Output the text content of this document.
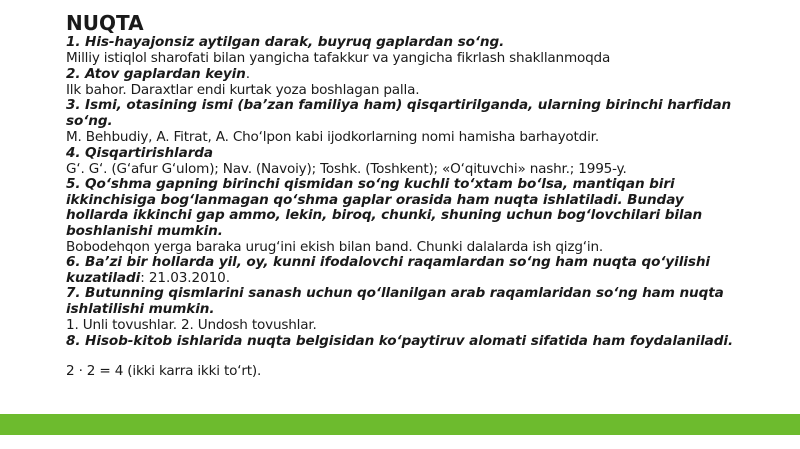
NUQTA

1. His-hayajonsiz aytilgan darak, buyruq gaplardan so‘ng.

Milliy istiqlol sharofati bilan yangicha tafakkur va yangicha fikrlash shakllanmoqda

2. Atov gaplardan keyin.

Ilk bahor. Daraxtlar endi kurtak yoza boshlagan palla.

3. Ismi, otasining ismi (ba’zan familiya ham) qisqartirilganda, ularning birinchi harfidan

so‘ng.

M. Behbudiy, A. Fitrat, A. Cho‘lpon kabi ijodkorlarning nomi hamisha barhayotdir.

4. Qisqartirishlarda

G‘. G‘. (G‘afur G‘ulom); Nav. (Navoiy); Toshk. (Toshkent); «O‘qituvchi» nashr.; 1995-y.

5. Qo‘shma gapning birinchi qismidan so‘ng kuchli to‘xtam bo‘lsa, mantiqan biri

ikkinchisiga bog‘lanmagan qo‘shma gaplar orasida ham nuqta ishlatiladi. Bunday

hollarda ikkinchi gap ammo, lekin, biroq, chunki, shuning uchun bog‘lovchilari bilan

boshlanishi mumkin.

Bobodehqon yerga baraka urug‘ini ekish bilan band. Chunki dalalarda ish qizg‘in.

6. Ba’zi bir hollarda yil, oy, kunni ifodalovchi raqamlardan so‘ng ham nuqta qo‘yilishi

kuzatiladi: 21.03.2010.

7. Butunning qismlarini sanash uchun qo‘llanilgan arab raqamlaridan so‘ng ham nuqta

ishlatilishi mumkin.

1. Unli tovushlar. 2. Undosh tovushlar.

8. Hisob-kitob ishlarida nuqta belgisidan ko‘paytiruv alomati sifatida ham foydalaniladi.

2 · 2 = 4 (ikki karra ikki to‘rt).
